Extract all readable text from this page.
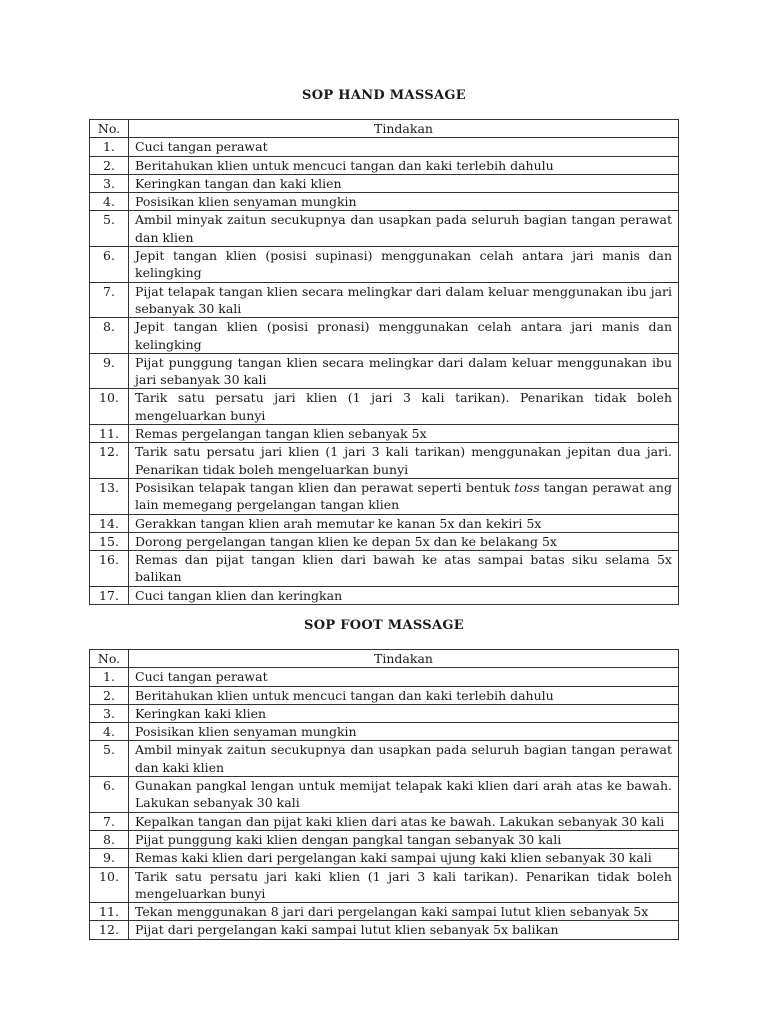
SOP HAND MASSAGE
No.	Tindakan
1.	Cuci tangan perawat
2.	Beritahukan klien untuk mencuci tangan dan kaki terlebih dahulu
3.	Keringkan tangan dan kaki klien
4.	Posisikan klien senyaman mungkin
5.	Ambil minyak zaitun secukupnya dan usapkan pada seluruh bagian tangan perawat dan klien
6.	Jepit tangan klien (posisi supinasi) menggunakan celah antara jari manis dan kelingking
7.	Pijat telapak tangan klien secara melingkar dari dalam keluar menggunakan ibu jari sebanyak 30 kali
8.	Jepit tangan klien (posisi pronasi) menggunakan celah antara jari manis dan kelingking
9.	Pijat punggung tangan klien secara melingkar dari dalam keluar menggunakan ibu jari sebanyak 30 kali
10.	Tarik satu persatu jari klien (1 jari 3 kali tarikan). Penarikan tidak boleh mengeluarkan bunyi
11.	Remas pergelangan tangan klien sebanyak 5x
12.	Tarik satu persatu jari klien (1 jari 3 kali tarikan) menggunakan jepitan dua jari. Penarikan tidak boleh mengeluarkan bunyi
13.	Posisikan telapak tangan klien dan perawat seperti bentuk toss tangan perawat ang lain memegang pergelangan tangan klien
14.	Gerakkan tangan klien arah memutar ke kanan 5x dan kekiri 5x
15.	Dorong pergelangan tangan klien ke depan 5x dan ke belakang 5x
16.	Remas dan pijat tangan klien dari bawah ke atas sampai batas siku selama 5x balikan
17.	Cuci tangan klien dan keringkan
SOP FOOT MASSAGE
No.	Tindakan
1.	Cuci tangan perawat
2.	Beritahukan klien untuk mencuci tangan dan kaki terlebih dahulu
3.	Keringkan kaki klien
4.	Posisikan klien senyaman mungkin
5.	Ambil minyak zaitun secukupnya dan usapkan pada seluruh bagian tangan perawat dan kaki klien
6.	Gunakan pangkal lengan untuk memijat telapak kaki klien dari arah atas ke bawah. Lakukan sebanyak 30 kali
7.	Kepalkan tangan dan pijat kaki klien dari atas ke bawah. Lakukan sebanyak 30 kali
8.	Pijat punggung kaki klien dengan pangkal tangan sebanyak 30 kali
9.	Remas kaki klien dari pergelangan kaki sampai ujung kaki klien sebanyak 30 kali
10.	Tarik satu persatu jari kaki klien (1 jari 3 kali tarikan). Penarikan tidak boleh mengeluarkan bunyi
11.	Tekan menggunakan 8 jari dari pergelangan kaki sampai lutut klien sebanyak 5x
12.	Pijat dari pergelangan kaki sampai lutut klien sebanyak 5x balikan
